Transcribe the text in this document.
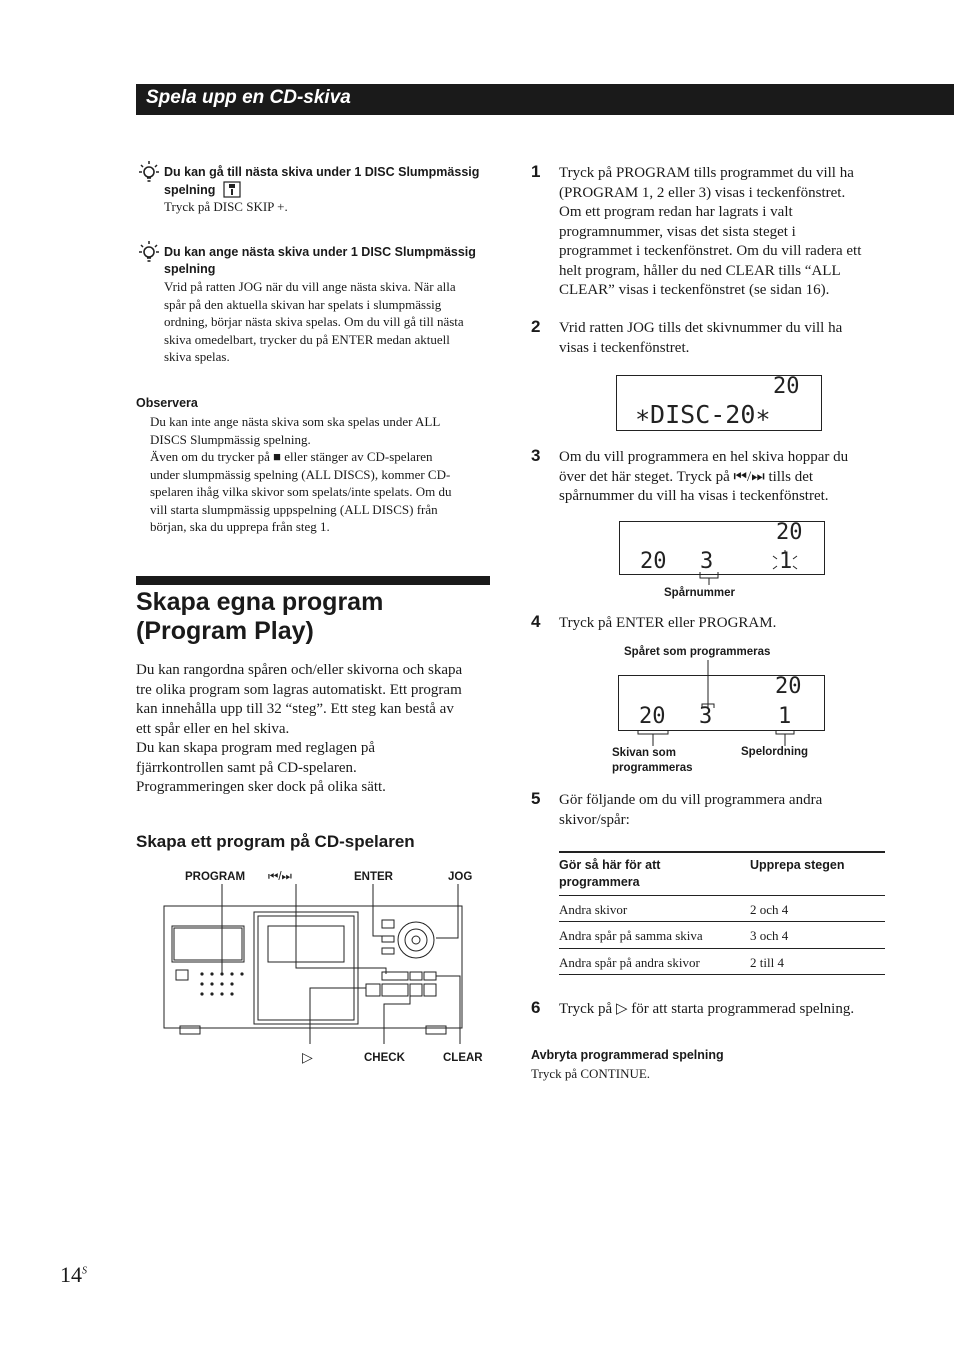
Spela upp en CD-skiva
Du kan gå till nästa skiva under 1 DISC Slumpmässig
spelning
Tryck på DISC SKIP +.
Du kan ange nästa skiva under 1 DISC Slumpmässig
spelning
Vrid på ratten JOG när du vill ange nästa skiva. När alla
spår på den aktuella skivan har spelats i slumpmässig
ordning, börjar nästa skiva spelas. Om du vill gå till nästa
skiva omedelbart, trycker du på ENTER medan aktuell
skiva spelas.
Observera
Du kan inte ange nästa skiva som ska spelas under ALL
DISCS Slumpmässig spelning.
Även om du trycker på ■ eller stänger av CD-spelaren
under slumpmässig spelning (ALL DISCS), kommer CD-
spelaren ihåg vilka skivor som spelats/inte spelats. Om du
vill starta slumpmässig uppspelning (ALL DISCS) från
början, ska du upprepa från steg 1.
Skapa egna program
(Program Play)
Du kan rangordna spåren och/eller skivorna och skapa
tre olika program som lagras automatiskt. Ett program
kan innehålla upp till 32 “steg”. Ett steg kan bestå av
ett spår eller en hel skiva.
Du kan skapa program med reglagen på
fjärrkontrollen samt på CD-spelaren.
Programmeringen sker dock på olika sätt.
Skapa ett program på CD-spelaren
PROGRAM ⏮/⏭	ENTER	JOG
▷	CHECK	CLEAR
1 Tryck på PROGRAM tills programmet du vill ha
(PROGRAM 1, 2 eller 3) visas i teckenfönstret.
Om ett program redan har lagrats i valt
programnummer, visas det sista steget i
programmet i teckenfönstret. Om du vill radera ett
helt program, håller du ned CLEAR tills “ALL
CLEAR” visas i teckenfönstret (se sidan 16).
2 Vrid ratten JOG tills det skivnummer du vill ha
visas i teckenfönstret.
20
∗DISC-20∗
3 Om du vill programmera en hel skiva hoppar du
över det här steget. Tryck på ⏮/⏭ tills det
spårnummer du vill ha visas i teckenfönstret.
20
20 3	1
Spårnummer
4 Tryck på ENTER eller PROGRAM.
Spåret som programmeras
20
20 3	1
Skivan som
programmeras
Spelordning
5 Gör följande om du vill programmera andra
skivor/spår:
Gör så här för att programmera
Upprepa stegen
Andra skivor	2 och 4
Andra spår på samma skiva	3 och 4
Andra spår på andra skivor	2 till 4
6 Tryck på ▷ för att starta programmerad spelning.
Avbryta programmerad spelning
Tryck på CONTINUE.
$14^S$
